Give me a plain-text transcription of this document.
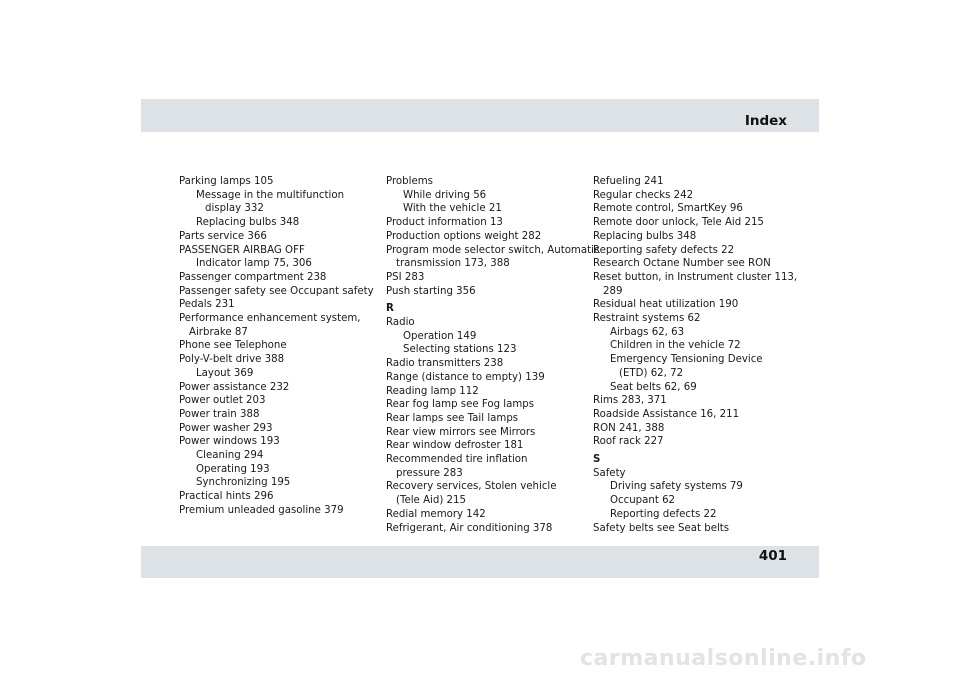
Index
Parking lamps 105
Message in the multifunction
display 332
Replacing bulbs 348
Parts service 366
PASSENGER AIRBAG OFF
Indicator lamp 75, 306
Passenger compartment 238
Passenger safety see Occupant safety
Pedals 231
Performance enhancement system,
Airbrake 87
Phone see Telephone
Poly-V-belt drive 388
Layout 369
Power assistance 232
Power outlet 203
Power train 388
Power washer 293
Power windows 193
Cleaning 294
Operating 193
Synchronizing 195
Practical hints 296
Premium unleaded gasoline 379
Problems
While driving 56
With the vehicle 21
Product information 13
Production options weight 282
Program mode selector switch, Automatic
transmission 173, 388
PSI 283
Push starting 356
R
Radio
Operation 149
Selecting stations 123
Radio transmitters 238
Range (distance to empty) 139
Reading lamp 112
Rear fog lamp see Fog lamps
Rear lamps see Tail lamps
Rear view mirrors see Mirrors
Rear window defroster 181
Recommended tire inflation
pressure 283
Recovery services, Stolen vehicle
(Tele Aid) 215
Redial memory 142
Refrigerant, Air conditioning 378
Refueling 241
Regular checks 242
Remote control, SmartKey 96
Remote door unlock, Tele Aid 215
Replacing bulbs 348
Reporting safety defects 22
Research Octane Number see RON
Reset button, in Instrument cluster 113,
289
Residual heat utilization 190
Restraint systems 62
Airbags 62, 63
Children in the vehicle 72
Emergency Tensioning Device
(ETD) 62, 72
Seat belts 62, 69
Rims 283, 371
Roadside Assistance 16, 211
RON 241, 388
Roof rack 227
S
Safety
Driving safety systems 79
Occupant 62
Reporting defects 22
Safety belts see Seat belts
401
carmanualsonline.info
